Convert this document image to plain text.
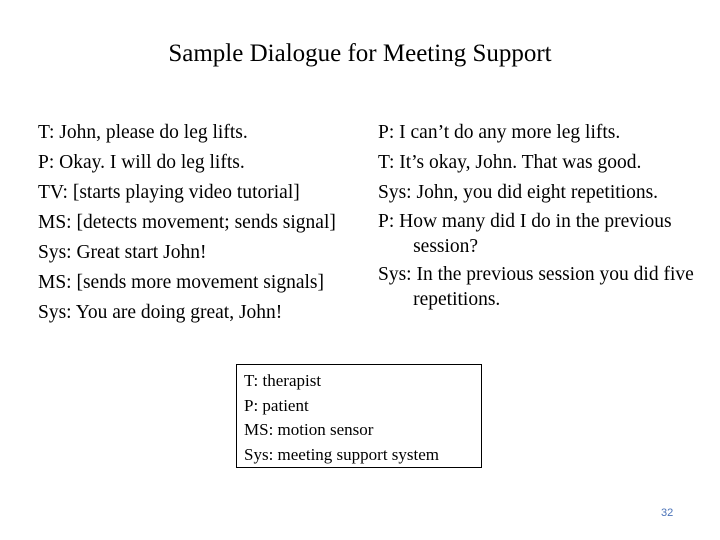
Sample Dialogue for Meeting Support
T: John, please do leg lifts.
P: Okay. I will do leg lifts.
TV: [starts playing video tutorial]
MS: [detects movement; sends signal]
Sys: Great start John!
MS: [sends more movement signals]
Sys: You are doing great, John!
P: I can’t do any more leg lifts.
T: It’s okay, John. That was good.
Sys: John, you did eight repetitions.
P: How many did I do in the previous session?
Sys: In the previous session you did five repetitions.
T: therapist
P: patient
MS: motion sensor
Sys: meeting support system
32
